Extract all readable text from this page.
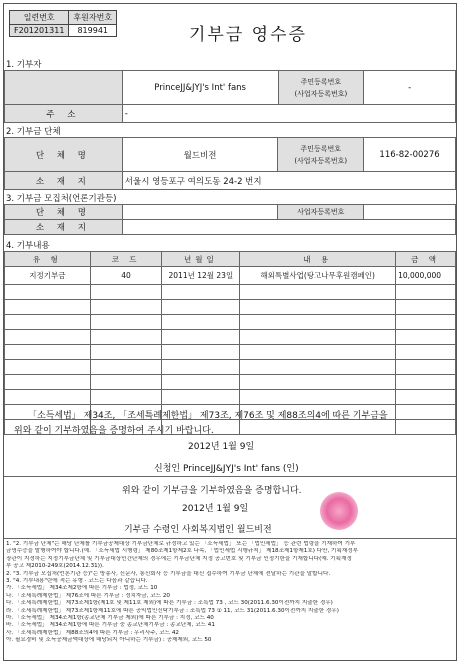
일련번호	후원자번호
F201201311	819941	기부금 영수증
1. 기부자
	PrinceJJ&JYJ's Int' fans	주민등록번호
(사업자등록번호)	-
주 소	-		
2. 기부금 단체
단 체 명	월드비전	주민등록번호
(사업자등록번호)	116-82-00276
소 재 지	서울시 영등포구 여의도동 24-2 번지		
3. 기부금 모집처(언론기관등)
단 체 명		사업자등록번호	
소 재 지			
4. 기부내용
유 형	코 드	년월일	내 용	금 액
지정기부금	40	2011년 12월 23일	해외특별사업(탕고나무후원캠페인)	10,000,000

「소득세법」 제34조, 「조세특례제한법」 제73조, 제76조 및 제88조의4에 따른 기부금을
위와 같이 기부하였음을 증명하여 주시기 바랍니다.
2012년 1월 9일
신청인 PrinceJJ&JYJ's Int' fans (인)
위와 같이 기부금을 기부하였음을 증명합니다.
2012년 1월 9일
기부금 수령인 사회복지법인 월드비전
1. "2. 기부금 단체"는 해당 단체를 기부금공제대상 기부금단체로 규정하고 있는 「소득세법」 또는 「법인세법」 등 관련 법령을 기재하여 기부
금영수증을 발행하여야 합니다.(예. 「소득세법 시행령」 제80조제1항제2호 나목, 「법인세법 시행규칙」 제18조제1항제1호) 다만, 기획재정부
장관이 지정하는 지정기부금단체 및 기부금대상민간단체의 경우에는 기부금단체 지정 공고번호 및 기부금 인정기한을 기재합니다(예. 기획재정
부 공고 제2010-249호(2014.12.31)).
2. "3. 기부금 모집처(언론기관 등)"는 방송사, 신문사, 통신회사 등 기부금을 대신 접수하여 기부금 단체에 전달하는 기관을 말합니다.
3. "4. 기부내용"란에 적는 유형 · 코드는 다음과 같습니다.
가. 「소득세법」 제34조제2항에 따른 기부금 : 법정, 코드 10
나. 「조세특례제한법」 제76조에 따른 기부금 : 정치자금, 코드 20
다. 「조세특례제한법」 제73조제1항(제1호 및 제11호 제외)에 따른 기부금 : 조특법 73 , 코드 30(2011.6.30이전까지 지출한 경우)
라. 「조세특례제한법」 제73조제1항제11호에 따른 공익법인신탁기부금 : 조특법 73 ① 11, 코드 31(2011.6.30이전까지 지출한 경우)
마. 「소득세법」 제34조제1항(종교단체 기부금 제외)에 따른 기부금 : 지정, 코드 40
바. 「소득세법」 제34조제1항에 따른 기부금 중 종교단체기부금 : 종교단체, 코드 41
사. 「조세특례제한법」 제88조의4에 따른 기부금 : 우리사주, 코드 42
아. 필요경비 및 소득공제금액대상에 해당되지 아니하는 기부금) : 공제제외, 코드 50
